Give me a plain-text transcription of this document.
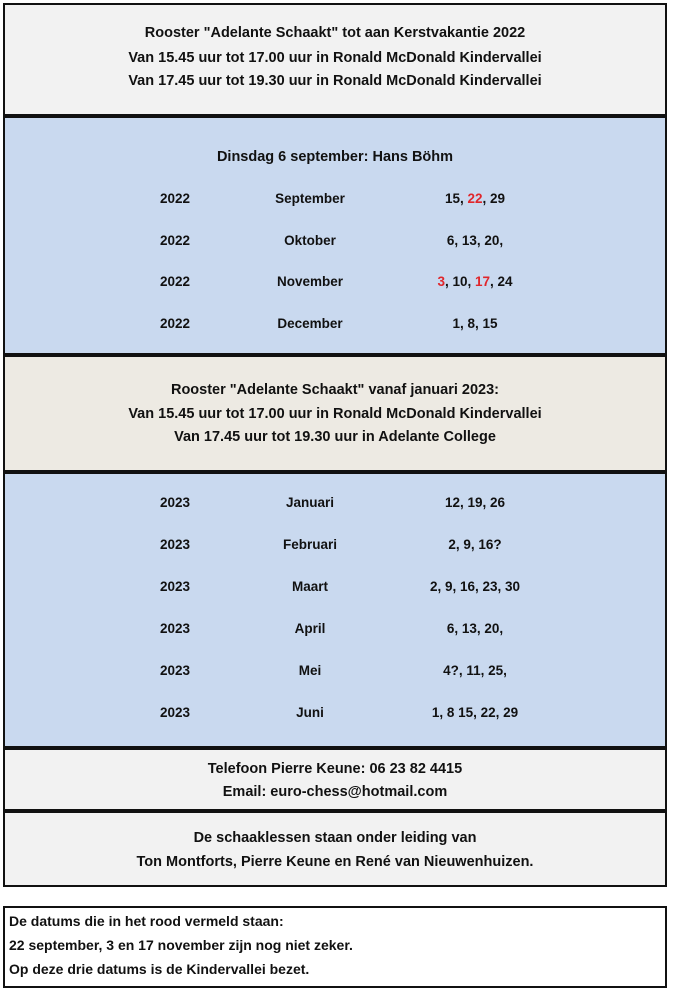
Rooster "Adelante Schaakt" tot aan Kerstvakantie 2022
Van 15.45 uur tot 17.00 uur in Ronald McDonald Kindervallei
Van 17.45 uur tot 19.30 uur in Ronald McDonald Kindervallei
Dinsdag 6 september: Hans Böhm
2022	September	15, 22, 29
2022	Oktober	6, 13, 20,
2022	November	3, 10, 17, 24
2022	December	1, 8, 15
Rooster "Adelante Schaakt" vanaf januari 2023:
Van 15.45 uur tot 17.00 uur in Ronald McDonald Kindervallei
Van 17.45 uur tot 19.30 uur in Adelante College
2023	Januari	12, 19, 26
2023	Februari	2, 9, 16?
2023	Maart	2, 9, 16, 23, 30
2023	April	6, 13, 20,
2023	Mei	4?, 11, 25,
2023	Juni	1, 8 15, 22, 29
Telefoon Pierre Keune: 06 23 82 4415
Email: euro-chess@hotmail.com
De schaaklessen staan onder leiding van
Ton Montforts, Pierre Keune en René van Nieuwenhuizen.
De datums die in het rood vermeld staan:
22 september, 3 en 17 november zijn nog niet zeker.
Op deze drie datums is de Kindervallei bezet.
